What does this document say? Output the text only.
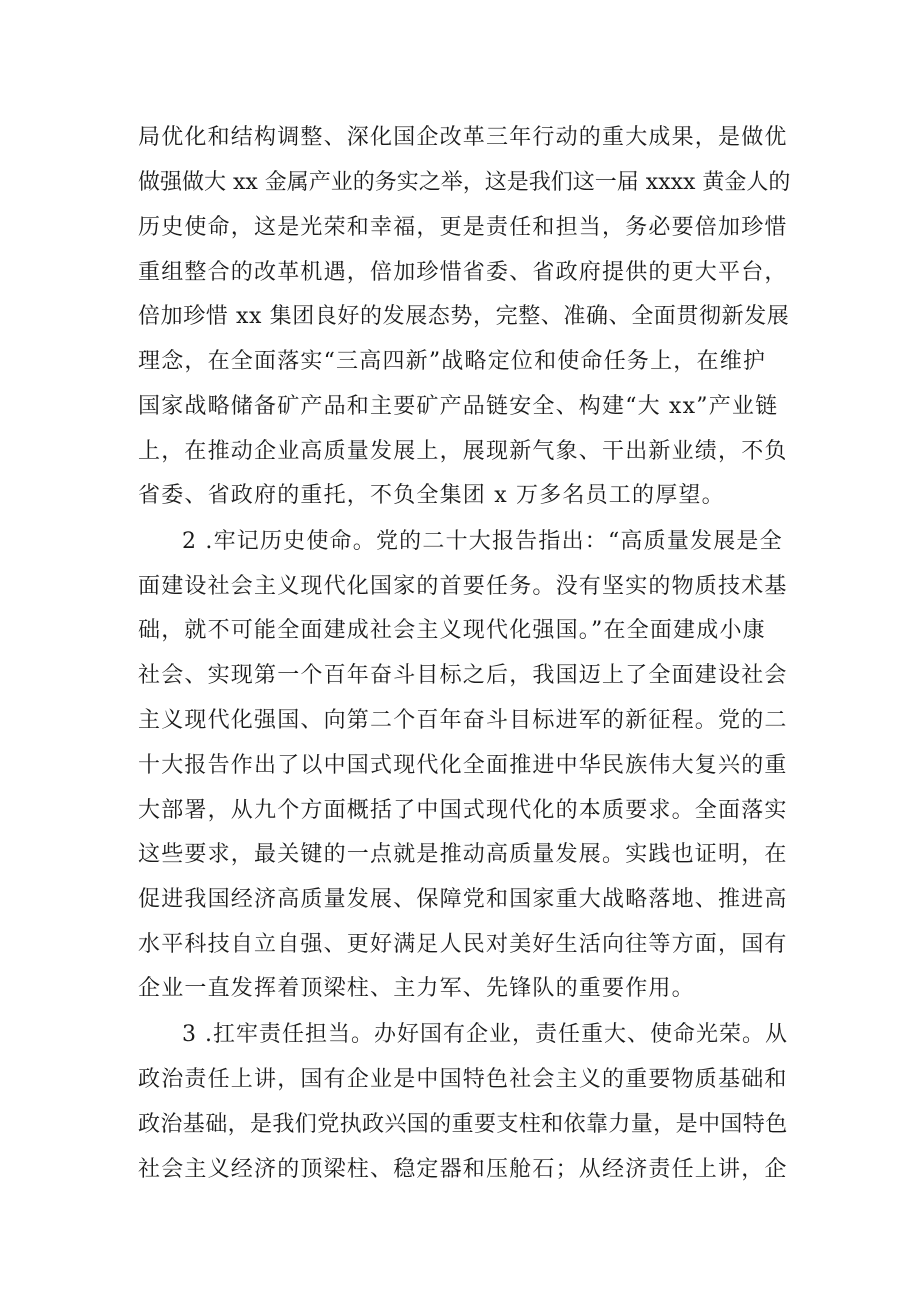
局优化和结构调整、深化国企改革三年行动的重大成果，是做优
做强做大 xx 金属产业的务实之举，这是我们这一届 xxxx 黄金人的
历史使命，这是光荣和幸福，更是责任和担当，务必要倍加珍惜
重组整合的改革机遇，倍加珍惜省委、省政府提供的更大平台，
倍加珍惜 xx 集团良好的发展态势，完整、准确、全面贯彻新发展
理念，在全面落实“三高四新”战略定位和使命任务上，在维护
国家战略储备矿产品和主要矿产品链安全、构建“大 xx”产业链
上，在推动企业高质量发展上，展现新气象、干出新业绩，不负
省委、省政府的重托，不负全集团 x 万多名员工的厚望。
2 .牢记历史使命。党的二十大报告指出：“高质量发展是全
面建设社会主义现代化国家的首要任务。没有坚实的物质技术基
础，就不可能全面建成社会主义现代化强国。”在全面建成小康
社会、实现第一个百年奋斗目标之后，我国迈上了全面建设社会
主义现代化强国、向第二个百年奋斗目标进军的新征程。党的二
十大报告作出了以中国式现代化全面推进中华民族伟大复兴的重
大部署，从九个方面概括了中国式现代化的本质要求。全面落实
这些要求，最关键的一点就是推动高质量发展。实践也证明，在
促进我国经济高质量发展、保障党和国家重大战略落地、推进高
水平科技自立自强、更好满足人民对美好生活向往等方面，国有
企业一直发挥着顶梁柱、主力军、先锋队的重要作用。
3 .扛牢责任担当。办好国有企业，责任重大、使命光荣。从
政治责任上讲，国有企业是中国特色社会主义的重要物质基础和
政治基础，是我们党执政兴国的重要支柱和依靠力量，是中国特色
社会主义经济的顶梁柱、稳定器和压舱石；从经济责任上讲，企
